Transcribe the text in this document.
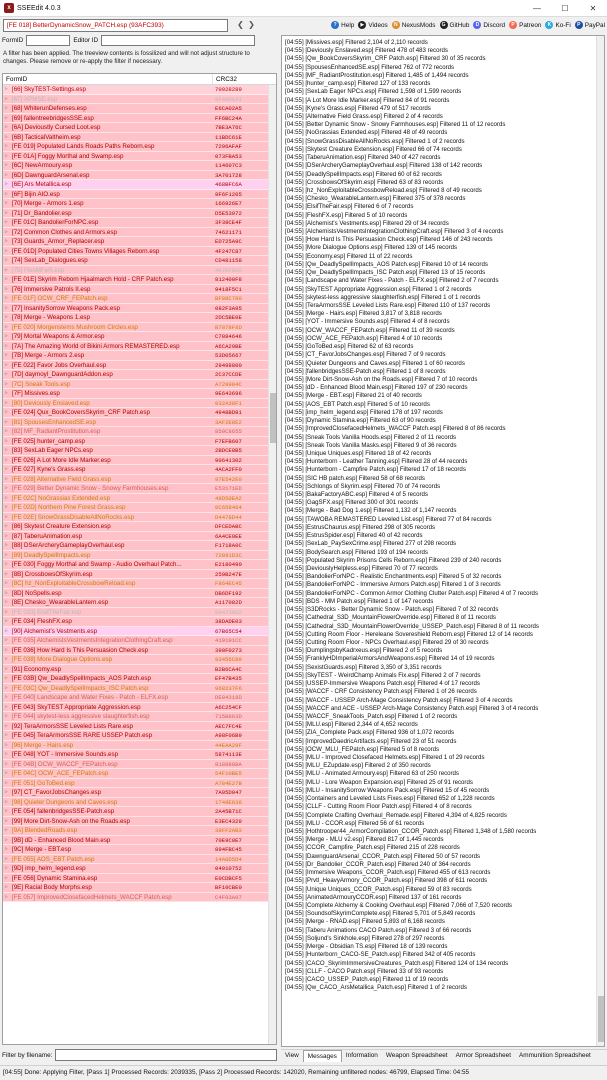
x SSEEdit 4.0.3	—	☐	✕
[FE 018] BetterDynamicSnow_PATCH.esp (93AFC393)	❮ ❯	? Help	▶ Videos	N NexusMods	G GitHub	D Discord	P Patreon	K Ko-Fi	P PayPal
FormID	Editor ID
A filter has been applied. The treeview contents is fossilized and will not adjust structure to changes. Please remove or re-apply the filter if necessary.
FormID	CRC32
▹ [66] SkyTEST-Settings.esp	70928289
▹ [67] XPMSE.esp	8FA001A1
▹ [68] WhiterunDefenses.esp	E6CA02A5
▹ [69] fallentreebridgesSSE.esp	FF6BC24A
▹ [6A] Devioustly Cursed Loot.esp	7BE3A76C
▹ [6B] TacticalValtheim.esp	11BDC61E
▹ [FE 019] Populated Lands Roads Paths Reborn.esp	7296AFAF
▹ [FE 01A] Foggy Morthal and Swamp.esp	073FBA53
▹ [6C] NewArmoury.esp	114607C3
▹ [6D] DawnguardArsenal.esp	3A701728
▹ [6E] Ars Metallica.esp	468BFC6A
▹ [6F] Bijin AIO.esp	9F6F1205
▹ [70] Merge - Armors 1.esp	166926E7
▹ [71] Dr_Bandolier.esp	D5E53972
▹ [FE 01C] BandolierForNPC.esp	3F38CE4F
▹ [72] Common Clothes and Armors.esp	74621171
▹ [73] Guards_Armor_Replacer.esp	ED725A9C
▹ [FE 01D] Populated Cities Towns Villages Reborn.esp	4F247C87
▹ [74] SexLab_Dialogues.esp	CD481158
▹ [75] FlesMFeR.esp	467EF02A
▹ [FE 01E] Skyrim Reborn Hjaalmarch Hold - CRF Patch.esp	812400F8
▹ [76] Immersive Patrols II.esp	9418F5C1
▹ [FE 01F] OCW_CRF_FEPatch.esp	BF88C780
▹ [77] InsanitySorrow Weapons Pack.esp	082F3A95
▹ [78] Merge - Weapons 1.esp	2DC5BE0E
▹ [FE 020] Morgenstems Mushroom Circles.esp	B7878F8D
▹ [79] Mortal Weapons & Armor.esp	C7884646
▹ [7A] The Amazing World of Bikini Armors REMASTERED.esp	A6CA29BE
▹ [7B] Merge - Armors 2.esp	53D05667
▹ [FE 022] Favor Jobs Overhaul.esp	29498800
▹ [7D] daymoyl_DawnguardAddon.esp	2C37CCDE
▹ [7C] Sneak Tools.esp	A729984C
▹ [7F] Missives.esp	9E643696
▹ [80] Deviously Enslaved.esp	032A38F1
▹ [FE 024] Qux_BookCoversSkyrim_CRF Patch.esp	4948BD81
▹ [81] SpousesEnhancedSE.esp	3AF2E8E2
▹ [82] MF_RadiantProstitution.esp	850C8655
▹ [FE 025] hunter_camp.esp	F7EFB607
▹ [83] SexLab Eager NPCs.esp	2BDCE8B5
▹ [FE 026] A Lot More Idle Marker.esp	90641302
▹ [FE 027] Kyne's Grass.esp	4ACA2FF0
▹ [FE 028] Alternative Field Grass.esp	97E542E0
▹ [FE 029] Better Dynamic Snow - Snowy Farmhouses.esp	E53171ED
▹ [FE 02C] NoGrassias Extended.esp	48D50EA2
▹ [FE 02D] Northern Pine Forest Grass.esp	0C658464
▹ [FE 02E] SnowGrassDisableAllNoRocks.esp	D4478D44
▹ [86] Skytest Creature Extension.esp	DFCEDABC
▹ [87] TaberuAnimation.esp	6A4CE0EE
▹ [88] DSerArcheryGameplayOverhaul.esp	F1718A0C
▹ [89] DeadlySpellImpacts.esp	72891D3C
▹ [FE 030] Foggy Morthal and Swamp - Audio Overhaul Patch...	E2180490
▹ [8B] CrossbowsOfSkyrim.esp	259B247E
▹ [8C] hz_NonExploitableCrossbowReload.esp	F864EC45
▹ [8D] NoSpells.esp	DB6DF192
▹ [8E] Chesko_WearableLantern.esp	A117082D
▹ [FE 033] ElsifTheFair.esp	80473862
▹ [FE 034] FleshFX.esp	38DADE03
▹ [90] Alchemist's Vestments.esp	67B65C54
▹ [FE 035] AlchemistsVestmentsIntegrationClothingCraft.esp	419191CC
▹ [FE 036] How Hard Is This Persuasion Check.esp	390F0273
▹ [FE 038] More Dialogue Options.esp	93456C89
▹ [91] Economy.esp	B2B6CA4C
▹ [FE 03B] Qw_DeadlySpellImpacts_AOS Patch.esp	EF47B435
▹ [FE 03C] Qw_DeadlySpellImpacts_ISC Patch.esp	968237F6
▹ [FE 040] Landscape and Water Fixes - Patch - ELFX.esp	DE84318D
▹ [FE 043] SkyTEST Appropriate Aggression.esp	A6C254CF
▹ [FE 044] skytest-less aggressive slaughterfish.esp	715B863D
▹ [92] TeraArmorsSSE Leveled Lists Rare.esp	AEC7FC4E
▹ [FE 045] TeraArmorsSSE RARE USSEP Patch.esp	A98F06B9
▹ [96] Merge - Hairs.esp	44EAA29F
▹ [FE 048] YOT - Immersive Sounds.esp	5874113E
▹ [FE 04B] OCW_WACCF_FEPatch.esp	818888BA
▹ [FE 04C] OCW_ACE_FEPatch.esp	54F10BE5
▹ [FE 051] GoToBed.esp	A784E27B
▹ [97] CT_FavorJobsChanges.esp	7A05D047
▹ [98] Quieter Dungeons and Caves.esp	1749E636
▹ [FE 054] fallenbridgesSSE-Patch.esp	2A45B71C
▹ [99] More Dirt-Snow-Ash on the Roads.esp	E3EC4329
▹ [9A] BlendedRoads.esp	38FF2AB3
▹ [9B] dD - Enhanced Blood Main.esp	70E9C0E7
▹ [9C] Merge - EBT.esp	894FBC45
▹ [FE 055] AOS_EBT Patch.esp	14A0D5D4
▹ [9D] imp_helm_legend.esp	04910752
▹ [FE 056] Dynamic Stamina.esp	E0CDBCF5
▹ [9E] Racial Body Morphs.esp	BF10CBE0
▹ [FE 057] ImprovedClosefacedHelmets_WACCF Patch.esp	C4F03A07
Filter by filename:
[04:55] [Missives.esp] Filtered 2,104 of 2,110 records
[04:55] [Deviously Enslaved.esp] Filtered 478 of 483 records
[04:55] [Qw_BookCoversSkyrim_CRF Patch.esp] Filtered 30 of 35 records
[04:55] [SpousesEnhancedSE.esp] Filtered 762 of 772 records
[04:55] [MF_RadiantProstitution.esp] Filtered 1,485 of 1,494 records
[04:55] [hunter_camp.esp] Filtered 127 of 133 records
[04:55] [SexLab Eager NPCs.esp] Filtered 1,598 of 1,599 records
[04:55] [A Lot More Idle Marker.esp] Filtered 84 of 91 records
[04:55] [Kyne's Grass.esp] Filtered 479 of 517 records
[04:55] [Alternative Field Grass.esp] Filtered 2 of 4 records
[04:55] [Better Dynamic Snow - Snowy Farmhouses.esp] Filtered 11 of 12 records
[04:55] [NoGrassias Extended.esp] Filtered 48 of 49 records
[04:55] [SnowGrassDisableAllNoRocks.esp] Filtered 1 of 2 records
[04:55] [Skytest Creature Extension.esp] Filtered 66 of 74 records
[04:55] [TaberuAnimation.esp] Filtered 340 of 427 records
[04:55] [DSerArcheryGameplayOverhaul.esp] Filtered 138 of 142 records
[04:55] [DeadlySpellImpacts.esp] Filtered 60 of 62 records
[04:55] [CrossbowsOfSkyrim.esp] Filtered 63 of 83 records
[04:55] [hz_NonExploitableCrossbowReload.esp] Filtered 8 of 49 records
[04:55] [Chesko_WearableLantern.esp] Filtered 375 of 378 records
[04:55] [ElsifTheFair.esp] Filtered 6 of 7 records
[04:55] [FleshFX.esp] Filtered 5 of 10 records
[04:55] [Alchemist's Vestments.esp] Filtered 29 of 34 records
[04:55] [AlchemistsVestmentsIntegrationClothingCraft.esp] Filtered 3 of 4 records
[04:55] [How Hard Is This Persuasion Check.esp] Filtered 146 of 243 records
[04:55] [More Dialogue Options.esp] Filtered 139 of 145 records
[04:55] [Economy.esp] Filtered 11 of 22 records
[04:55] [Qw_DeadlySpellImpacts_AOS Patch.esp] Filtered 10 of 14 records
[04:55] [Qw_DeadlySpellImpacts_ISC Patch.esp] Filtered 13 of 15 records
[04:55] [Landscape and Water Fixes - Patch - ELFX.esp] Filtered 2 of 7 records
[04:55] [SkyTEST Appropriate Aggression.esp] Filtered 1 of 2 records
[04:55] [skytest-less aggressive slaughterfish.esp] Filtered 1 of 1 records
[04:55] [TeraArmorsSSE Leveled Lists Rare.esp] Filtered 110 of 137 records
[04:55] [Merge - Hairs.esp] Filtered 3,817 of 3,818 records
[04:55] [YOT - Immersive Sounds.esp] Filtered 4 of 8 records
[04:55] [OCW_WACCF_FEPatch.esp] Filtered 11 of 39 records
[04:55] [OCW_ACE_FEPatch.esp] Filtered 4 of 10 records
[04:55] [GoToBed.esp] Filtered 62 of 63 records
[04:55] [CT_FavorJobsChanges.esp] Filtered 7 of 9 records
[04:55] [Quieter Dungeons and Caves.esp] Filtered 1 of 60 records
[04:55] [fallenbridgesSSE-Patch.esp] Filtered 1 of 8 records
[04:55] [More Dirt-Snow-Ash on the Roads.esp] Filtered 7 of 10 records
[04:55] [dD - Enhanced Blood Main.esp] Filtered 197 of 230 records
[04:55] [Merge - EBT.esp] Filtered 21 of 40 records
[04:55] [AOS_EBT Patch.esp] Filtered 5 of 10 records
[04:55] [imp_helm_legend.esp] Filtered 178 of 197 records
[04:55] [Dynamic Stamina.esp] Filtered 63 of 90 records
[04:55] [ImprovedClosefacedHelmets_WACCF Patch.esp] Filtered 8 of 86 records
[04:55] [Sneak Tools Vanilla Hoods.esp] Filtered 2 of 11 records
[04:55] [Sneak Tools Vanilla Masks.esp] Filtered 9 of 36 records
[04:55] [Unique Uniques.esp] Filtered 18 of 42 records
[04:55] [Hunterborn - Leather Tanning.esp] Filtered 28 of 44 records
[04:55] [Hunterborn - Campfire Patch.esp] Filtered 17 of 18 records
[04:55] [SIC HB patch.esp] Filtered 58 of 68 records
[04:55] [Schlongs of Skyrim.esp] Filtered 70 of 74 records
[04:55] [BakaFactoryABC.esp] Filtered 4 of 5 records
[04:55] [GagSFX.esp] Filtered 300 of 301 records
[04:55] [Merge - Bad Dog 1.esp] Filtered 1,132 of 1,147 records
[04:55] [TAWOBA REMASTERED Leveled List.esp] Filtered 77 of 84 records
[04:55] [EstrusChaurus.esp] Filtered 298 of 305 records
[04:55] [EstrusSpider.esp] Filtered 40 of 42 records
[04:55] [SexLab_PaySexCrime.esp] Filtered 277 of 298 records
[04:55] [BodySearch.esp] Filtered 193 of 194 records
[04:55] [Populated Skyrim Prisons Cells Reborn.esp] Filtered 239 of 240 records
[04:55] [DeviouslyHelpless.esp] Filtered 70 of 77 records
[04:55] [BandolierForNPC - Realistic Enchantments.esp] Filtered 5 of 32 records
[04:55] [BandolierForNPC - Immersive Armors Patch.esp] Filtered 1 of 3 records
[04:55] [BandolierForNPC - Common Armor Clothing Clutter Patch.esp] Filtered 4 of 7 records
[04:55] [BDS - MM Patch.esp] Filtered 1 of 147 records
[04:55] [S3DRocks - Better Dynamic Snow - Patch.esp] Filtered 7 of 32 records
[04:55] [Cathedral_S3D_MountainFlowerOverride.esp] Filtered 8 of 11 records
[04:55] [Cathedral_S3D_MountainFlowerOverride_USSEP_Patch.esp] Filtered 8 of 11 records
[04:55] [Cutting Room Floor - Hereleane Sovereshield Reborn.esp] Filtered 12 of 14 records
[04:55] [Cutting Room Floor - NPCs Overhaul.esp] Filtered 29 of 30 records
[04:55] [DumplingsbyKadrxeus.esp] Filtered 2 of 5 records
[04:55] [FranklyHDImperialArmorsAndWeapons.esp] Filtered 14 of 19 records
[04:55] [SexistGuards.esp] Filtered 3,350 of 3,351 records
[04:55] [SkyTEST - WeirdChamp Animals Fix.esp] Filtered 2 of 7 records
[04:55] [USSEP-Immersive Weapons Patch.esp] Filtered 4 of 17 records
[04:55] [WACCF - CRF Consistency Patch.esp] Filtered 1 of 26 records
[04:55] [WACCF - USSEP Arch-Mage Consistency Patch.esp] Filtered 3 of 4 records
[04:55] [WACCF and ACE - USSEP Arch-Mage Consistency Patch.esp] Filtered 3 of 4 records
[04:55] [WACCF_SneakTools_Patch.esp] Filtered 1 of 2 records
[04:55] [MLU.esp] Filtered 2,344 of 4,652 records
[04:55] [ZIA_Complete Pack.esp] Filtered 936 of 1,072 records
[04:55] [ImprovedDaedricArtifacts.esp] Filtered 23 of 51 records
[04:55] [OCW_MLU_FEPatch.esp] Filtered 5 of 8 records
[04:55] [MLU - Improved Closefaced Helmets.esp] Filtered 1 of 29 records
[04:55] [MLU_EZupdate.esp] Filtered 2 of 350 records
[04:55] [MLU - Animated Armoury.esp] Filtered 63 of 250 records
[04:55] [MLU - Lore Weapon Expansion.esp] Filtered 25 of 91 records
[04:55] [MLU - InsanitySorrow Weapons Pack.esp] Filtered 15 of 45 records
[04:55] [Containers and Leveled Lists Fixes.esp] Filtered 652 of 1,228 records
[04:55] [CLLF - Cutting Room Floor Patch.esp] Filtered 4 of 8 records
[04:55] [Complete Crafting Overhaul_Remade.esp] Filtered 4,394 of 4,825 records
[04:55] [MLU - CCOR.esp] Filtered 56 of 61 records
[04:55] [Hothtrooper44_ArmorCompilation_CCOR_Patch.esp] Filtered 1,348 of 1,580 records
[04:55] [Merge - MLU v2.esp] Filtered 817 of 1,445 records
[04:55] [CCOR_Campfire_Patch.esp] Filtered 215 of 228 records
[04:55] [DawnguardArsenal_CCOR_Patch.esp] Filtered 50 of 57 records
[04:55] [Dr_Bandolier_CCOR_Patch.esp] Filtered 240 of 364 records
[04:55] [Immersive Weapons_CCOR_Patch.esp] Filtered 455 of 613 records
[04:55] [Prvtl_HeavyArmory_CCOR_Patch.esp] Filtered 398 of 611 records
[04:55] [Unique Uniques_CCOR_Patch.esp] Filtered 59 of 83 records
[04:55] [AnimatedArmouryCCOR.esp] Filtered 137 of 161 records
[04:55] [Complete Alchemy & Cooking Overhaul.esp] Filtered 7,066 of 7,520 records
[04:55] [SoundsofSkyrimComplete.esp] Filtered 5,701 of 5,849 records
[04:55] [Merge - RNAD.esp] Filtered 5,893 of 6,168 records
[04:55] [Taberu Animations CACO Patch.esp] Filtered 3 of 66 records
[04:55] [Soljund's Sinkhole.esp] Filtered 278 of 297 records
[04:55] [Merge - Obsidian TS.esp] Filtered 18 of 139 records
[04:55] [Hunterborn_CACO-SE_Patch.esp] Filtered 342 of 405 records
[04:55] [CACO_SkyrimImmersiveCreatures_Patch.esp] Filtered 124 of 134 records
[04:55] [CLLF - CACO Patch.esp] Filtered 33 of 93 records
[04:55] [CACO_USSEP_Patch.esp] Filtered 11 of 19 records
[04:55] [Qw_CACO_ArsMetallica_Patch.esp] Filtered 1 of 2 records
View	Messages	Information	Weapon Spreadsheet	Armor Spreadsheet	Ammunition Spreadsheet
[04:55] Done: Applying Filter, [Pass 1] Processed Records: 2039335, [Pass 2] Processed Records: 142020, Remaining unfiltered nodes: 46799, Elapsed Time: 04:55
